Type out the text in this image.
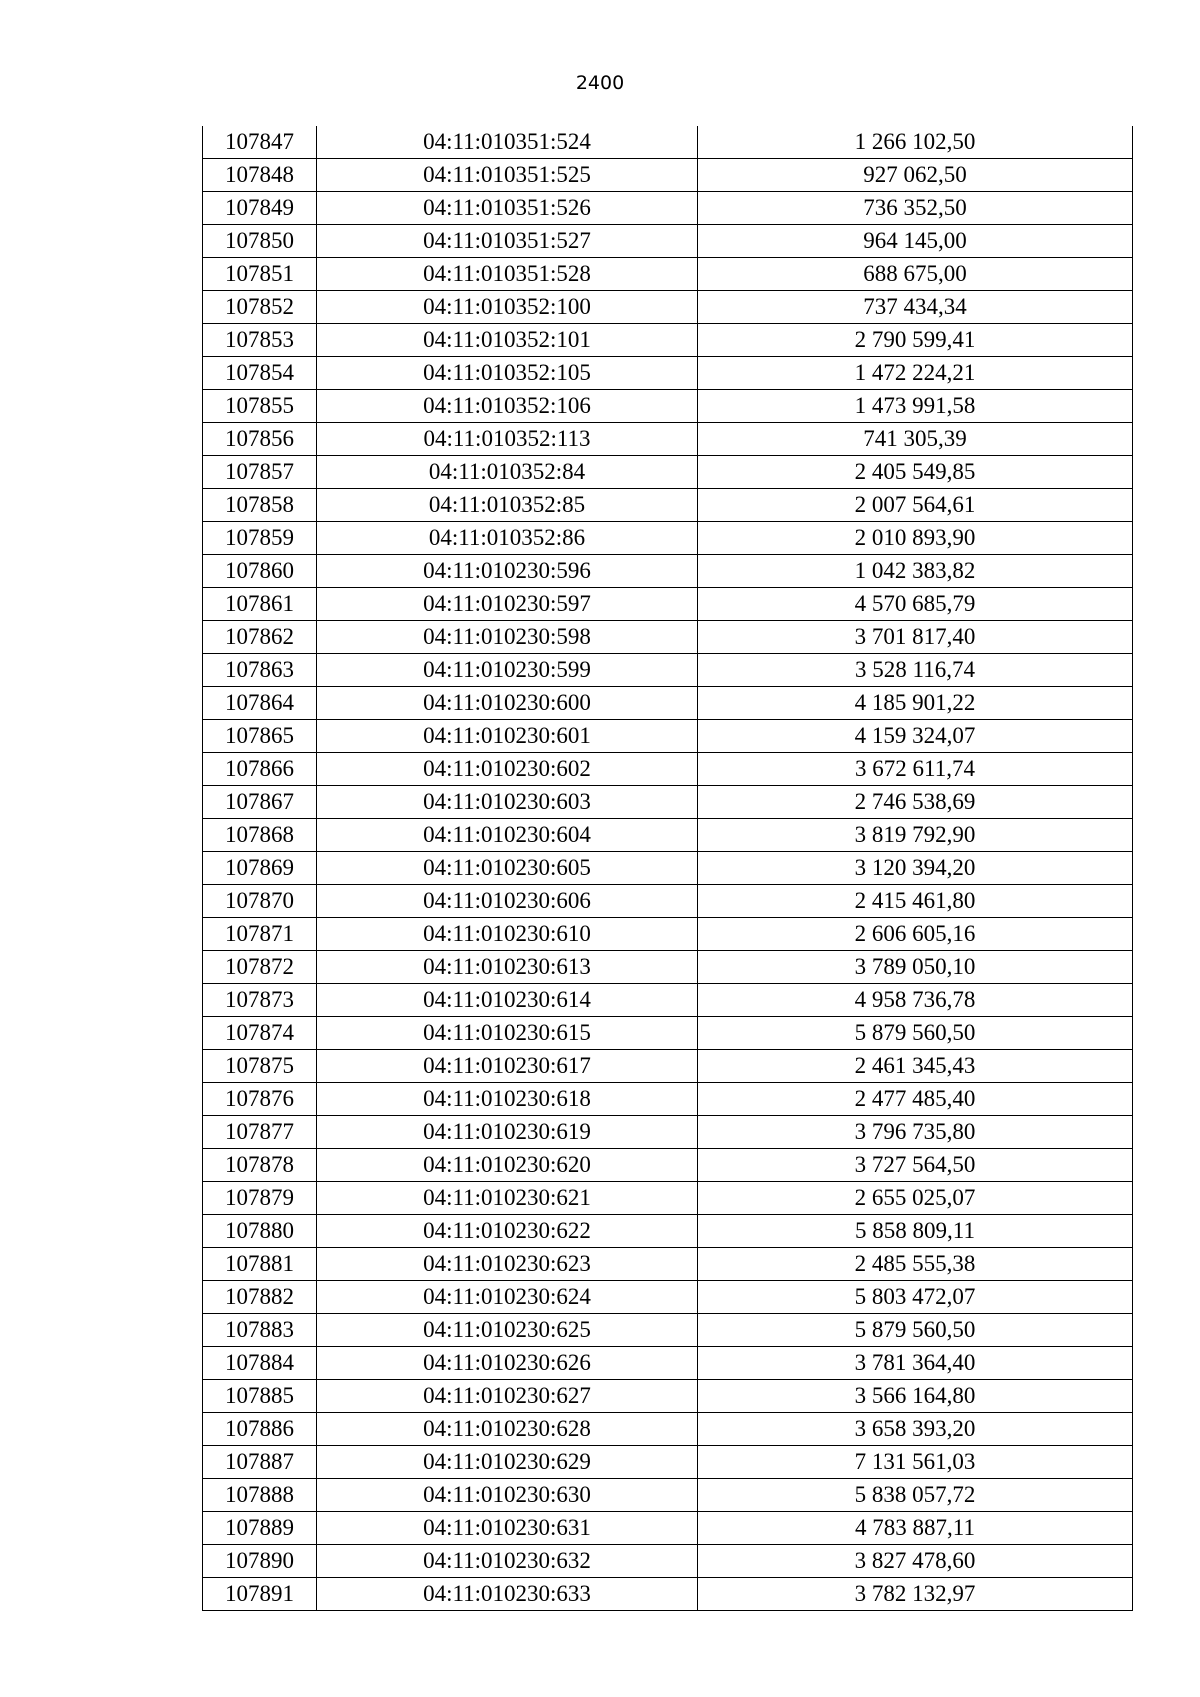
2400
107847	04:11:010351:524	1 266 102,50
107848	04:11:010351:525	927 062,50
107849	04:11:010351:526	736 352,50
107850	04:11:010351:527	964 145,00
107851	04:11:010351:528	688 675,00
107852	04:11:010352:100	737 434,34
107853	04:11:010352:101	2 790 599,41
107854	04:11:010352:105	1 472 224,21
107855	04:11:010352:106	1 473 991,58
107856	04:11:010352:113	741 305,39
107857	04:11:010352:84	2 405 549,85
107858	04:11:010352:85	2 007 564,61
107859	04:11:010352:86	2 010 893,90
107860	04:11:010230:596	1 042 383,82
107861	04:11:010230:597	4 570 685,79
107862	04:11:010230:598	3 701 817,40
107863	04:11:010230:599	3 528 116,74
107864	04:11:010230:600	4 185 901,22
107865	04:11:010230:601	4 159 324,07
107866	04:11:010230:602	3 672 611,74
107867	04:11:010230:603	2 746 538,69
107868	04:11:010230:604	3 819 792,90
107869	04:11:010230:605	3 120 394,20
107870	04:11:010230:606	2 415 461,80
107871	04:11:010230:610	2 606 605,16
107872	04:11:010230:613	3 789 050,10
107873	04:11:010230:614	4 958 736,78
107874	04:11:010230:615	5 879 560,50
107875	04:11:010230:617	2 461 345,43
107876	04:11:010230:618	2 477 485,40
107877	04:11:010230:619	3 796 735,80
107878	04:11:010230:620	3 727 564,50
107879	04:11:010230:621	2 655 025,07
107880	04:11:010230:622	5 858 809,11
107881	04:11:010230:623	2 485 555,38
107882	04:11:010230:624	5 803 472,07
107883	04:11:010230:625	5 879 560,50
107884	04:11:010230:626	3 781 364,40
107885	04:11:010230:627	3 566 164,80
107886	04:11:010230:628	3 658 393,20
107887	04:11:010230:629	7 131 561,03
107888	04:11:010230:630	5 838 057,72
107889	04:11:010230:631	4 783 887,11
107890	04:11:010230:632	3 827 478,60
107891	04:11:010230:633	3 782 132,97
